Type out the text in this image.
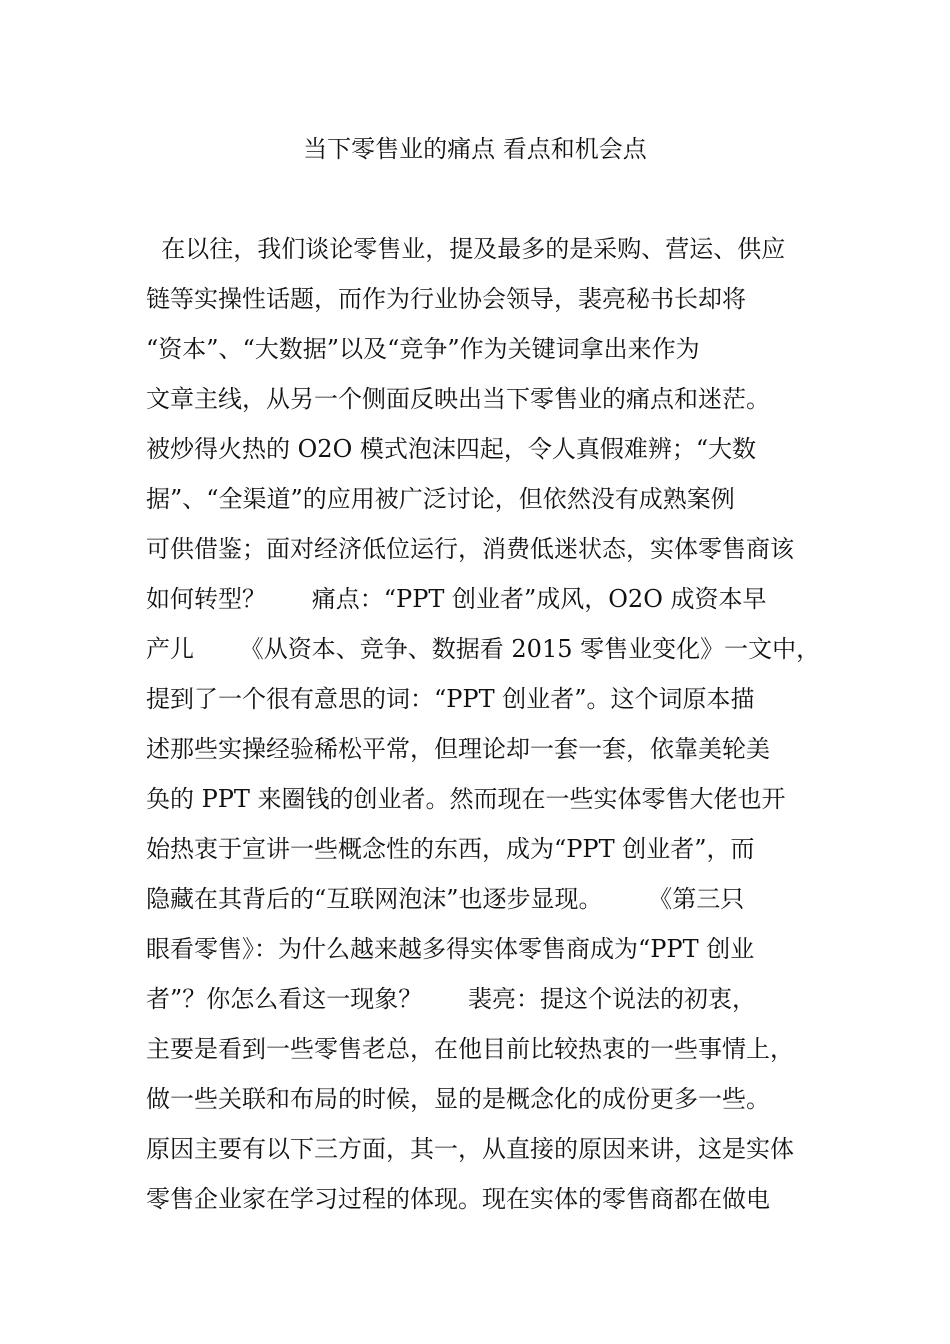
当下零售业的痛点 看点和机会点
在以往，我们谈论零售业，提及最多的是采购、营运、供应
链等实操性话题，而作为行业协会领导，裴亮秘书长却将
“资本”、“大数据”以及“竞争”作为关键词拿出来作为
文章主线，从另一个侧面反映出当下零售业的痛点和迷茫。
被炒得火热的 O2O 模式泡沫四起，令人真假难辨；“大数
据”、“全渠道”的应用被广泛讨论，但依然没有成熟案例
可供借鉴；面对经济低位运行，消费低迷状态，实体零售商该
如何转型？      痛点：“PPT 创业者”成风，O2O 成资本早
产儿      《从资本、竞争、数据看 2015 零售业变化》一文中，
提到了一个很有意思的词：“PPT 创业者”。这个词原本描
述那些实操经验稀松平常，但理论却一套一套，依靠美轮美
奂的 PPT 来圈钱的创业者。然而现在一些实体零售大佬也开
始热衷于宣讲一些概念性的东西，成为“PPT 创业者”，而
隐藏在其背后的“互联网泡沫”也逐步显现。      《第三只
眼看零售》：为什么越来越多得实体零售商成为“PPT 创业
者”？你怎么看这一现象？      裴亮：提这个说法的初衷，
主要是看到一些零售老总，在他目前比较热衷的一些事情上，
做一些关联和布局的时候，显的是概念化的成份更多一些。
原因主要有以下三方面，其一，从直接的原因来讲，这是实体
零售企业家在学习过程的体现。现在实体的零售商都在做电
